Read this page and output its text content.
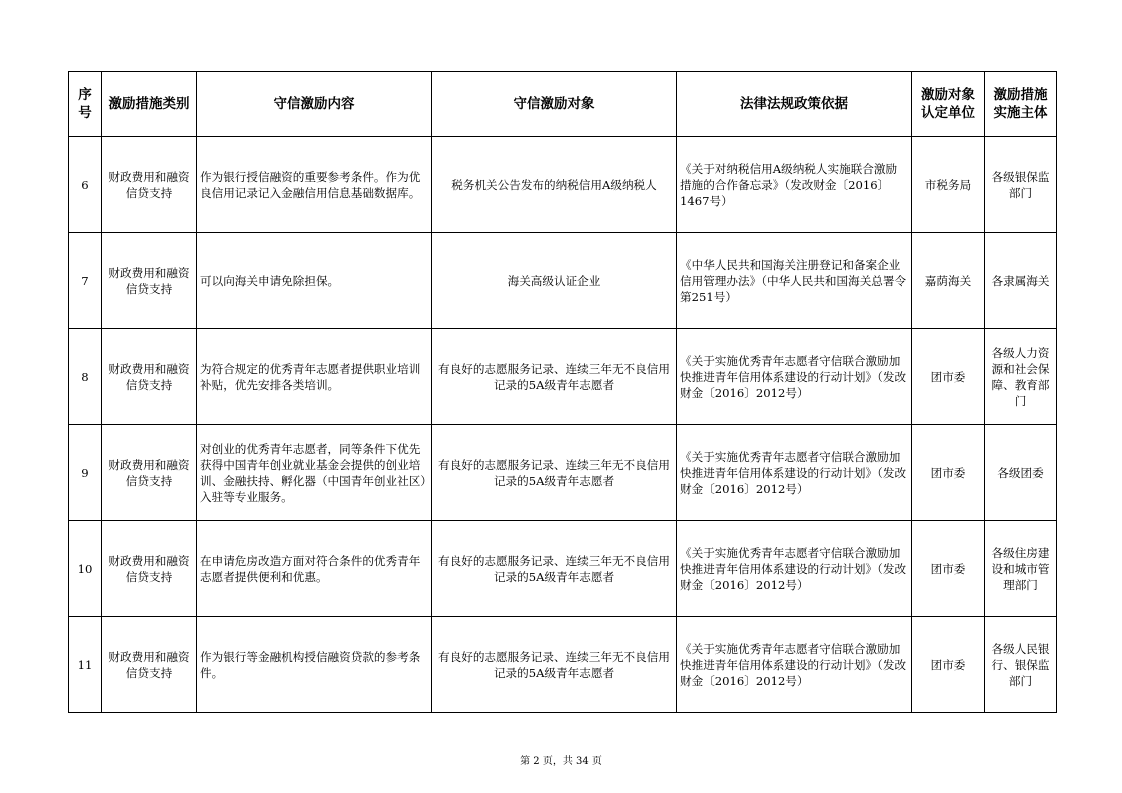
序号	激励措施类别	守信激励内容	守信激励对象	法律法规政策依据	激励对象认定单位	激励措施实施主体
6	财政费用和融资信贷支持	作为银行授信融资的重要参考条件。作为优良信用记录记入金融信用信息基础数据库。	税务机关公告发布的纳税信用A级纳税人	《关于对纳税信用A级纳税人实施联合激励措施的合作备忘录》（发改财金〔2016〕1467号）	市税务局	各级银保监部门
7	财政费用和融资信贷支持	可以向海关申请免除担保。	海关高级认证企业	《中华人民共和国海关注册登记和备案企业信用管理办法》（中华人民共和国海关总署令 第251号）	嘉荫海关	各隶属海关
8	财政费用和融资信贷支持	为符合规定的优秀青年志愿者提供职业培训补贴，优先安排各类培训。	有良好的志愿服务记录、连续三年无不良信用记录的5A级青年志愿者	《关于实施优秀青年志愿者守信联合激励加快推进青年信用体系建设的行动计划》（发改财金〔2016〕2012号）	团市委	各级人力资源和社会保障、教育部门
9	财政费用和融资信贷支持	对创业的优秀青年志愿者，同等条件下优先获得中国青年创业就业基金会提供的创业培训、金融扶持、孵化器（中国青年创业社区）入驻等专业服务。	有良好的志愿服务记录、连续三年无不良信用记录的5A级青年志愿者	《关于实施优秀青年志愿者守信联合激励加快推进青年信用体系建设的行动计划》（发改财金〔2016〕2012号）	团市委	各级团委
10	财政费用和融资信贷支持	在申请危房改造方面对符合条件的优秀青年志愿者提供便利和优惠。	有良好的志愿服务记录、连续三年无不良信用记录的5A级青年志愿者	《关于实施优秀青年志愿者守信联合激励加快推进青年信用体系建设的行动计划》（发改财金〔2016〕2012号）	团市委	各级住房建设和城市管理部门
11	财政费用和融资信贷支持	作为银行等金融机构授信融资贷款的参考条件。	有良好的志愿服务记录、连续三年无不良信用记录的5A级青年志愿者	《关于实施优秀青年志愿者守信联合激励加快推进青年信用体系建设的行动计划》（发改财金〔2016〕2012号）	团市委	各级人民银行、银保监部门
第 2 页，共 34 页
